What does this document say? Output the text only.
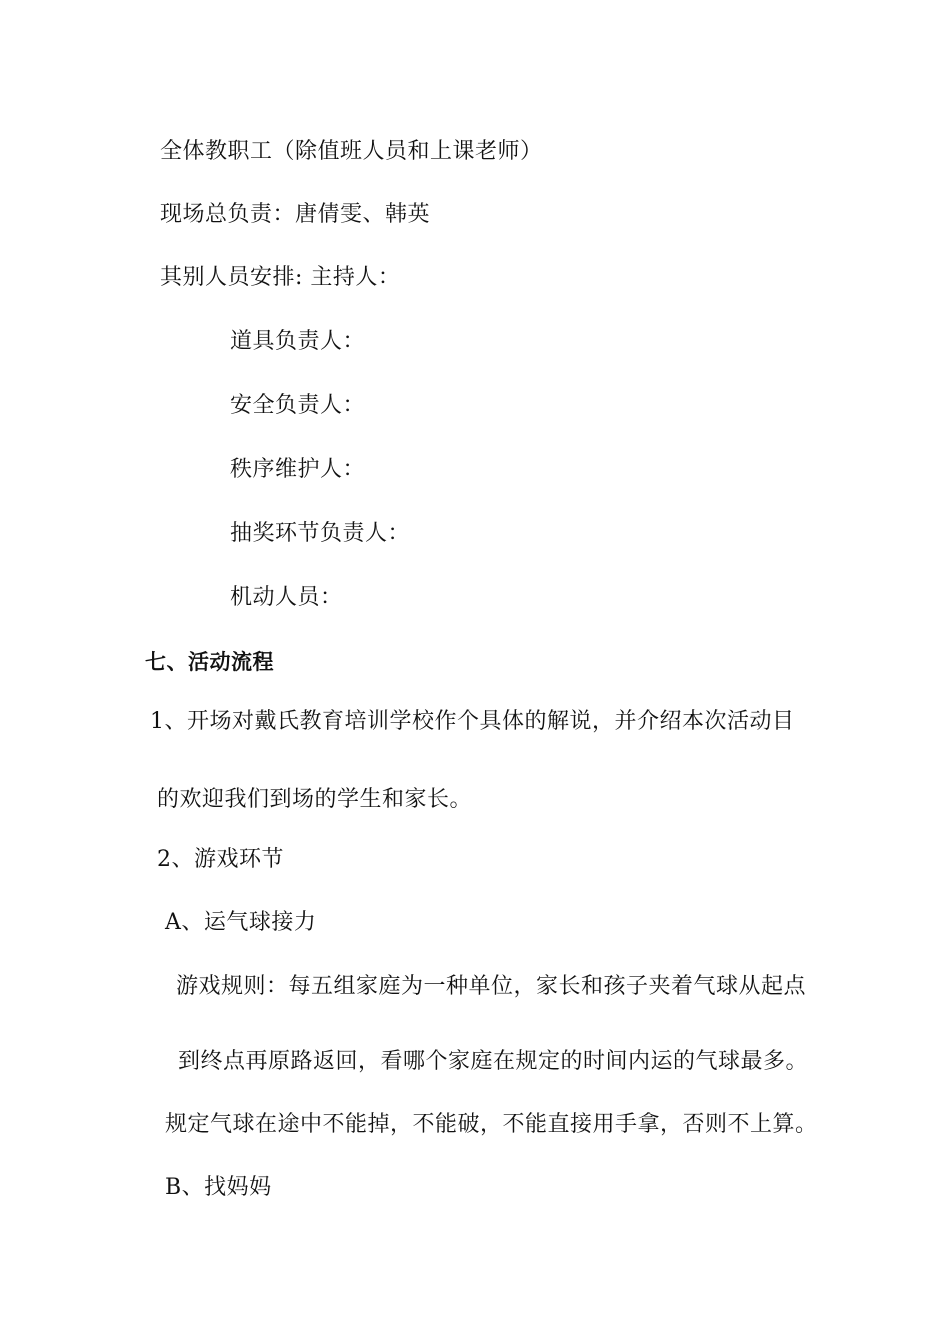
全体教职工（除值班人员和上课老师）
现场总负责：唐倩雯、韩英
其别人员安排: 主持人：
道具负责人：
安全负责人：
秩序维护人：
抽奖环节负责人：
机动人员：
七、活动流程
1、开场对戴氏教育培训学校作个具体的解说，并介绍本次活动目
的欢迎我们到场的学生和家长。
2、游戏环节
A、运气球接力
游戏规则：每五组家庭为一种单位，家长和孩子夹着气球从起点
到终点再原路返回，看哪个家庭在规定的时间内运的气球最多。
规定气球在途中不能掉，不能破，不能直接用手拿，否则不上算。
B、找妈妈
